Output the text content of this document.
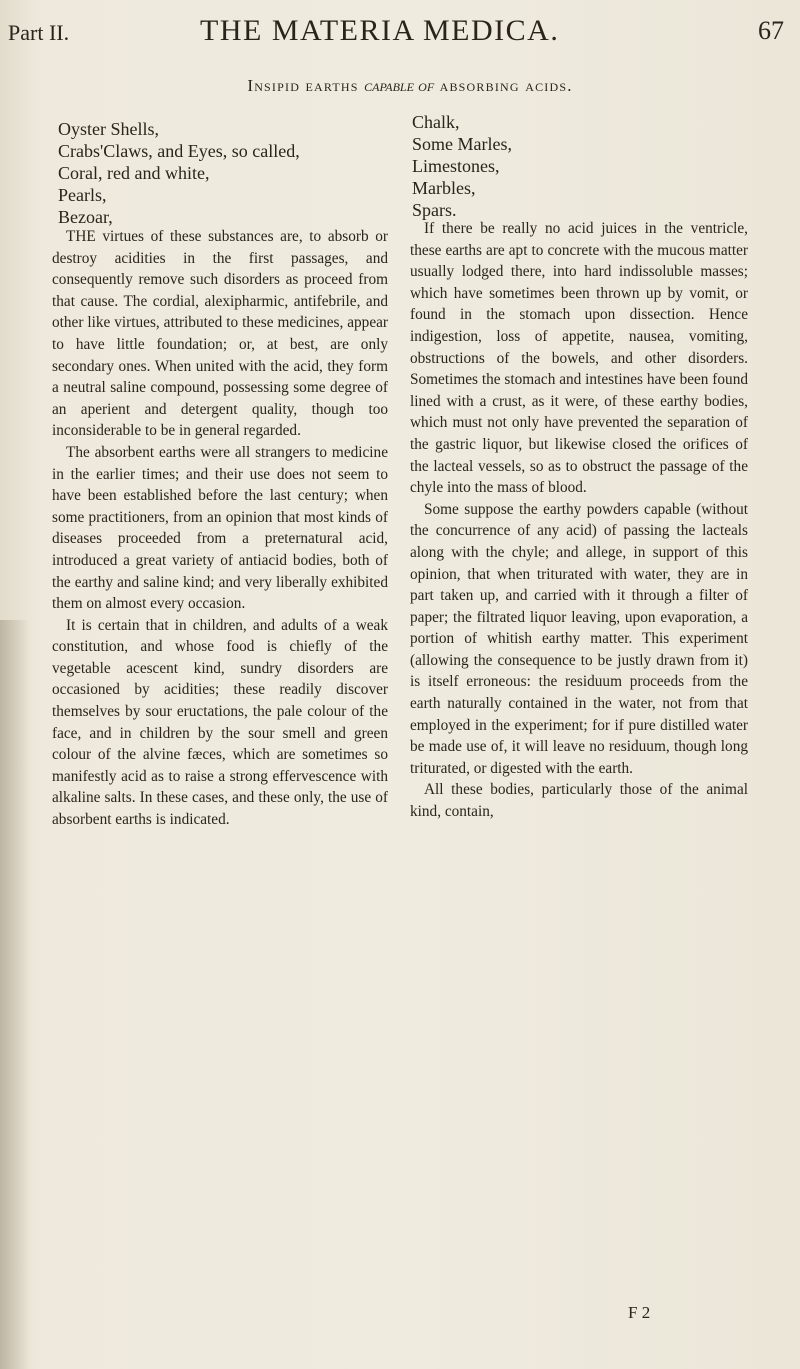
Part II.	THE MATERIA MEDICA.	67
Insipid earths capable of absorbing acids.
Oyster Shells,
Crabs'Claws, and Eyes, so called,
Coral, red and white,
Pearls,
Bezoar,
Chalk,
Some Marles,
Limestones,
Marbles,
Spars.

THE virtues of these substances are, to absorb or destroy acidities in the first passages, and consequently remove such disorders as proceed from that cause. The cordial, alexipharmic, antifebrile, and other like virtues, attributed to these medicines, appear to have little foundation; or, at best, are only secondary ones. When united with the acid, they form a neutral saline compound, possessing some degree of an aperient and detergent quality, though too inconsiderable to be in general regarded.

The absorbent earths were all strangers to medicine in the earlier times; and their use does not seem to have been established before the last century; when some practitioners, from an opinion that most kinds of diseases proceeded from a preternatural acid, introduced a great variety of antiacid bodies, both of the earthy and saline kind; and very liberally exhibited them on almost every occasion.

It is certain that in children, and adults of a weak constitution, and whose food is chiefly of the vegetable acescent kind, sundry disorders are occasioned by acidities; these readily discover themselves by sour eructations, the pale colour of the face, and in children by the sour smell and green colour of the alvine fæces, which are sometimes so manifestly acid as to raise a strong effervescence with alkaline salts. In these cases, and these only, the use of absorbent earths is indicated.

If there be really no acid juices in the ventricle, these earths are apt to concrete with the mucous matter usually lodged there, into hard indissoluble masses; which have sometimes been thrown up by vomit, or found in the stomach upon dissection. Hence indigestion, loss of appetite, nausea, vomiting, obstructions of the bowels, and other disorders. Sometimes the stomach and intestines have been found lined with a crust, as it were, of these earthy bodies, which must not only have prevented the separation of the gastric liquor, but likewise closed the orifices of the lacteal vessels, so as to obstruct the passage of the chyle into the mass of blood.

Some suppose the earthy powders capable (without the concurrence of any acid) of passing the lacteals along with the chyle; and allege, in support of this opinion, that when triturated with water, they are in part taken up, and carried with it through a filter of paper; the filtrated liquor leaving, upon evaporation, a portion of whitish earthy matter. This experiment (allowing the consequence to be justly drawn from it) is itself erroneous: the residuum proceeds from the earth naturally contained in the water, not from that employed in the experiment; for if pure distilled water be made use of, it will leave no residuum, though long triturated, or digested with the earth.

All these bodies, particularly those of the animal kind, contain,

F 2
